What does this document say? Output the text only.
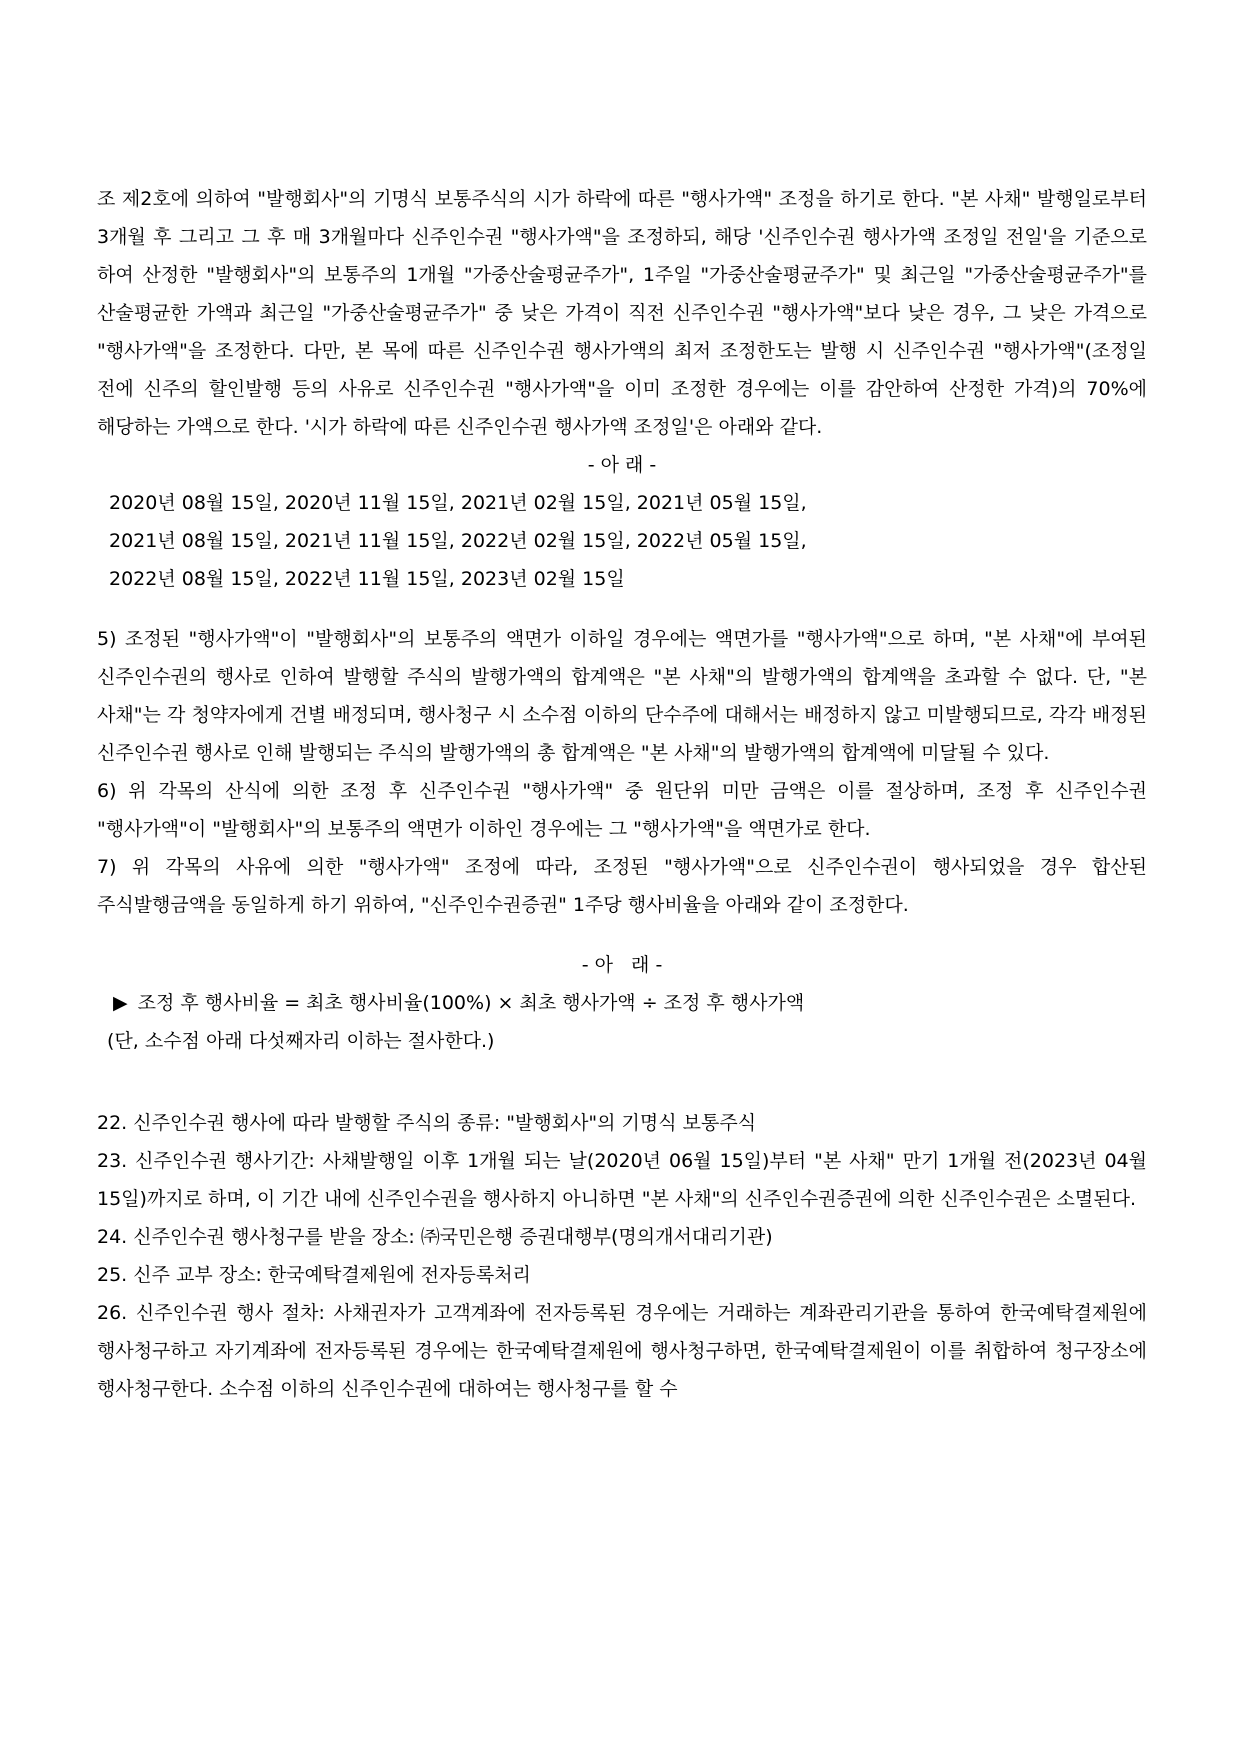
조 제2호에 의하여 "발행회사"의 기명식 보통주식의 시가 하락에 따른 "행사가액" 조정을 하기로 한다. "본 사채" 발행일로부터 3개월 후 그리고 그 후 매 3개월마다 신주인수권 "행사가액"을 조정하되, 해당 '신주인수권 행사가액 조정일 전일'을 기준으로 하여 산정한 "발행회사"의 보통주의 1개월 "가중산술평균주가", 1주일 "가중산술평균주가" 및 최근일 "가중산술평균주가"를 산술평균한 가액과 최근일 "가중산술평균주가" 중 낮은 가격이 직전 신주인수권 "행사가액"보다 낮은 경우, 그 낮은 가격으로 "행사가액"을 조정한다. 다만, 본 목에 따른 신주인수권 행사가액의 최저 조정한도는 발행 시 신주인수권 "행사가액"(조정일 전에 신주의 할인발행 등의 사유로 신주인수권 "행사가액"을 이미 조정한 경우에는 이를 감안하여 산정한 가격)의 70%에 해당하는 가액으로 한다. '시가 하락에 따른 신주인수권 행사가액 조정일'은 아래와 같다.

- 아 래 -

2020년 08월 15일, 2020년 11월 15일, 2021년 02월 15일, 2021년 05월 15일,
2021년 08월 15일, 2021년 11월 15일, 2022년 02월 15일, 2022년 05월 15일,
2022년 08월 15일, 2022년 11월 15일, 2023년 02월 15일

5) 조정된 "행사가액"이 "발행회사"의 보통주의 액면가 이하일 경우에는 액면가를 "행사가액"으로 하며, "본 사채"에 부여된 신주인수권의 행사로 인하여 발행할 주식의 발행가액의 합계액은 "본 사채"의 발행가액의 합계액을 초과할 수 없다. 단, "본 사채"는 각 청약자에게 건별 배정되며, 행사청구 시 소수점 이하의 단수주에 대해서는 배정하지 않고 미발행되므로, 각각 배정된 신주인수권 행사로 인해 발행되는 주식의 발행가액의 총 합계액은 "본 사채"의 발행가액의 합계액에 미달될 수 있다.

6) 위 각목의 산식에 의한 조정 후 신주인수권 "행사가액" 중 원단위 미만 금액은 이를 절상하며, 조정 후 신주인수권 "행사가액"이 "발행회사"의 보통주의 액면가 이하인 경우에는 그 "행사가액"을 액면가로 한다.

7) 위 각목의 사유에 의한 "행사가액" 조정에 따라, 조정된 "행사가액"으로 신주인수권이 행사되었을 경우 합산된 주식발행금액을 동일하게 하기 위하여, "신주인수권증권" 1주당 행사비율을 아래와 같이 조정한다.

- 아   래 -

▶ 조정 후 행사비율 = 최초 행사비율(100%) × 최초 행사가액 ÷ 조정 후 행사가액

(단, 소수점 아래 다섯째자리 이하는 절사한다.)

22. 신주인수권 행사에 따라 발행할 주식의 종류: "발행회사"의 기명식 보통주식

23. 신주인수권 행사기간: 사채발행일 이후 1개월 되는 날(2020년 06월 15일)부터 "본 사채" 만기 1개월 전(2023년 04월 15일)까지로 하며, 이 기간 내에 신주인수권을 행사하지 아니하면 "본 사채"의 신주인수권증권에 의한 신주인수권은 소멸된다.

24. 신주인수권 행사청구를 받을 장소: ㈜국민은행 증권대행부(명의개서대리기관)

25. 신주 교부 장소: 한국예탁결제원에 전자등록처리

26. 신주인수권 행사 절차: 사채권자가 고객계좌에 전자등록된 경우에는 거래하는 계좌관리기관을 통하여 한국예탁결제원에 행사청구하고 자기계좌에 전자등록된 경우에는 한국예탁결제원에 행사청구하면, 한국예탁결제원이 이를 취합하여 청구장소에 행사청구한다. 소수점 이하의 신주인수권에 대하여는 행사청구를 할 수
